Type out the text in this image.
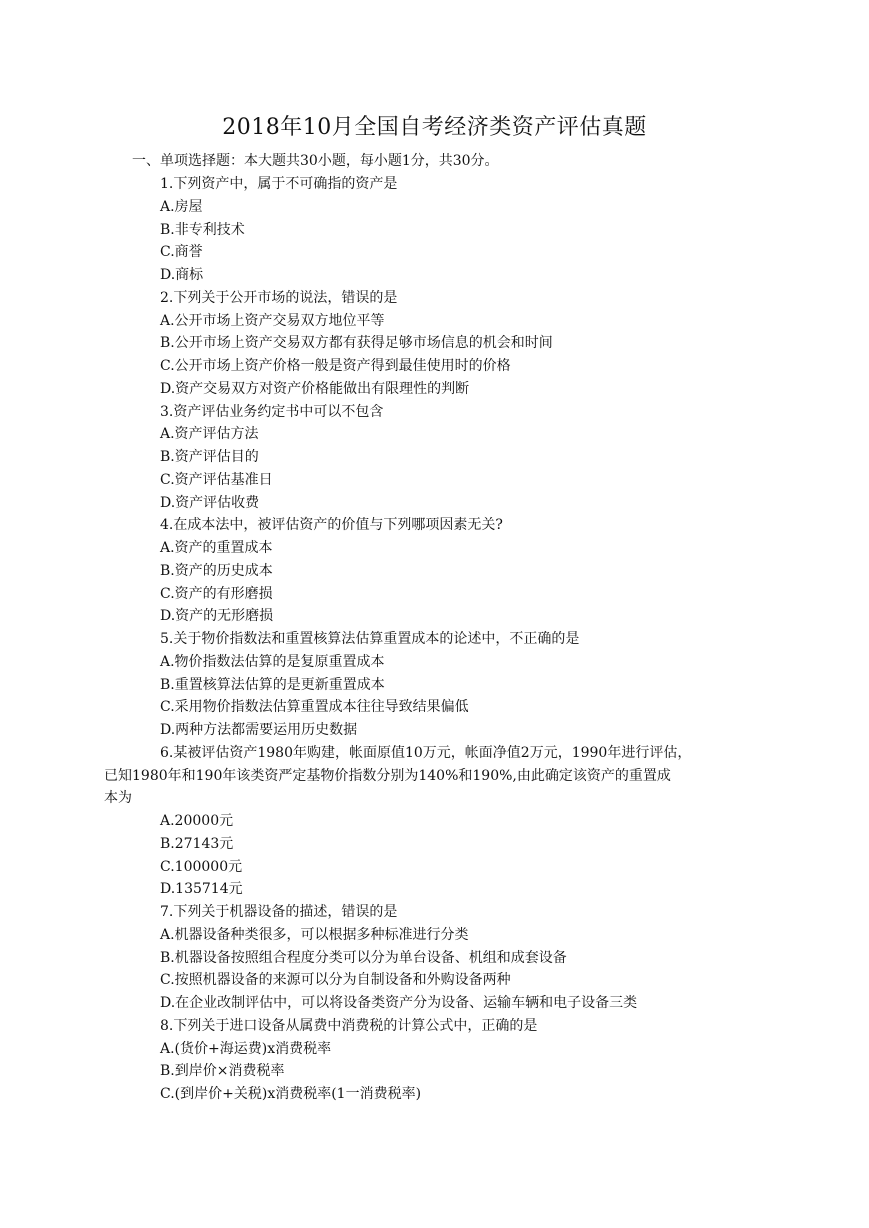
2018年10月全国自考经济类资产评估真题
一、单项选择题：本大题共30小题，每小题1分，共30分。
1.下列资产中，属于不可确指的资产是
A.房屋
B.非专利技术
C.商誉
D.商标
2.下列关于公开市场的说法，错误的是
A.公开市场上资产交易双方地位平等
B.公开市场上资产交易双方都有获得足够市场信息的机会和时间
C.公开市场上资产价格一般是资产得到最佳使用时的价格
D.资产交易双方对资产价格能做出有限理性的判断
3.资产评估业务约定书中可以不包含
A.资产评估方法
B.资产评估目的
C.资产评估基准日
D.资产评估收费
4.在成本法中，被评估资产的价值与下列哪项因素无关?
A.资产的重置成本
B.资产的历史成本
C.资产的有形磨损
D.资产的无形磨损
5.关于物价指数法和重置核算法估算重置成本的论述中，不正确的是
A.物价指数法估算的是复原重置成本
B.重置核算法估算的是更新重置成本
C.采用物价指数法估算重置成本往往导致结果偏低
D.两种方法都需要运用历史数据
6.某被评估资产1980年购建，帐面原值10万元，帐面净值2万元，1990年进行评估，
已知1980年和190年该类资严定基物价指数分别为140%和190%,由此确定该资产的重置成
本为
A.20000元
B.27143元
C.100000元
D.135714元
7.下列关于机器设备的描述，错误的是
A.机器设备种类很多，可以根据多种标准进行分类
B.机器设备按照组合程度分类可以分为单台设备、机组和成套设备
C.按照机器设备的来源可以分为自制设备和外购设备两种
D.在企业改制评估中，可以将设备类资产分为设备、运输车辆和电子设备三类
8.下列关于进口设备从属费中消费税的计算公式中，正确的是
A.(货价+海运费)x消费税率
B.到岸价×消费税率
C.(到岸价+关税)x消费税率(1一消费税率)
